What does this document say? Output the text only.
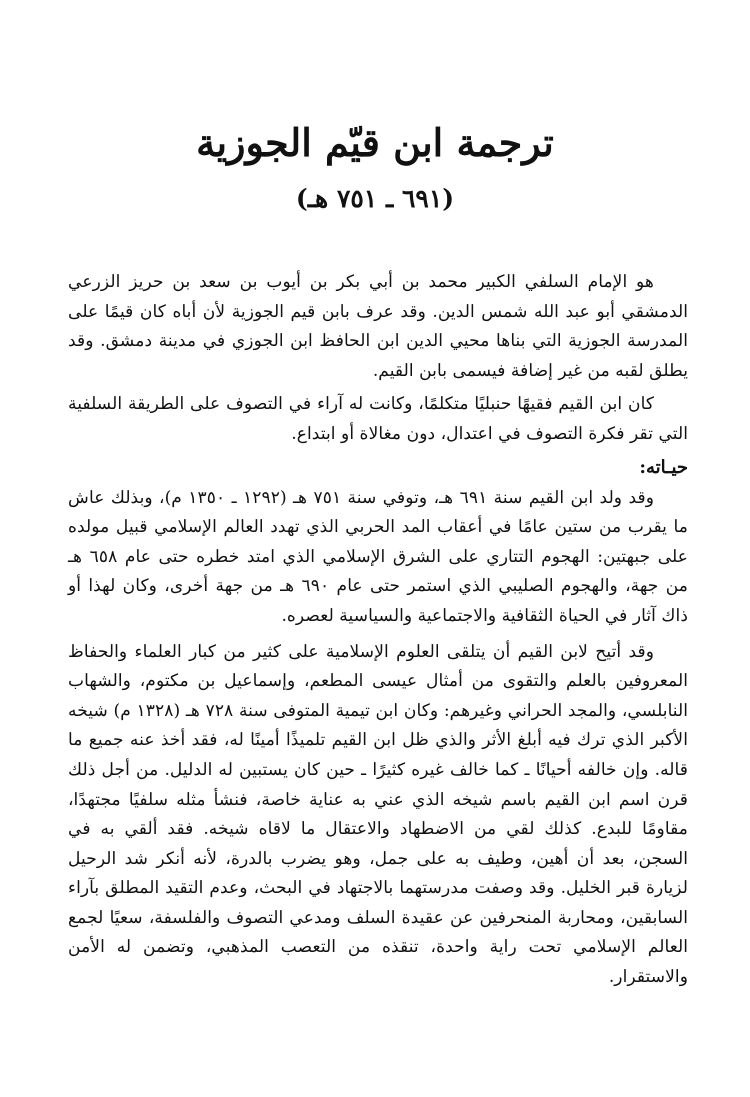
ترجمة ابن قيّم الجوزية
(٦٩١ ـ ٧٥١ هـ)

هو الإمام السلفي الكبير محمد بن أبي بكر بن أيوب بن سعد بن حريز الزرعي الدمشقي أبو عبد الله شمس الدين. وقد عرف بابن قيم الجوزية لأن أباه كان قيمًا على المدرسة الجوزية التي بناها محيي الدين ابن الحافظ ابن الجوزي في مدينة دمشق. وقد يطلق لقبه من غير إضافة فيسمى بابن القيم.

كان ابن القيم فقيهًا حنبليًا متكلمًا، وكانت له آراء في التصوف على الطريقة السلفية التي تقر فكرة التصوف في اعتدال، دون مغالاة أو ابتداع.

حيـاته:

وقد ولد ابن القيم سنة ٦٩١ هـ، وتوفي سنة ٧٥١ هـ (١٢٩٢ ـ ١٣٥٠ م)، وبذلك عاش ما يقرب من ستين عامًا في أعقاب المد الحربي الذي تهدد العالم الإسلامي قبيل مولده على جبهتين: الهجوم التتاري على الشرق الإسلامي الذي امتد خطره حتى عام ٦٥٨ هـ من جهة، والهجوم الصليبي الذي استمر حتى عام ٦٩٠ هـ من جهة أخرى، وكان لهذا أو ذاك آثار في الحياة الثقافية والاجتماعية والسياسية لعصره.

وقد أتيح لابن القيم أن يتلقى العلوم الإسلامية على كثير من كبار العلماء والحفاظ المعروفين بالعلم والتقوى من أمثال عيسى المطعم، وإسماعيل بن مكتوم، والشهاب النابلسي، والمجد الحراني وغيرهم: وكان ابن تيمية المتوفى سنة ٧٢٨ هـ (١٣٢٨ م) شيخه الأكبر الذي ترك فيه أبلغ الأثر والذي ظل ابن القيم تلميذًا أمينًا له، فقد أخذ عنه جميع ما قاله. وإن خالفه أحيانًا ـ كما خالف غيره كثيرًا ـ حين كان يستبين له الدليل. من أجل ذلك قرن اسم ابن القيم باسم شيخه الذي عني به عناية خاصة، فنشأ مثله سلفيًا مجتهدًا، مقاومًا للبدع. كذلك لقي من الاضطهاد والاعتقال ما لاقاه شيخه. فقد ألقي به في السجن، بعد أن أهين، وطيف به على جمل، وهو يضرب بالدرة، لأنه أنكر شد الرحيل لزيارة قبر الخليل. وقد وصفت مدرستهما بالاجتهاد في البحث، وعدم التقيد المطلق بآراء السابقين، ومحاربة المنحرفين عن عقيدة السلف ومدعي التصوف والفلسفة، سعيًا لجمع العالم الإسلامي تحت راية واحدة، تنقذه من التعصب المذهبي، وتضمن له الأمن والاستقرار.
